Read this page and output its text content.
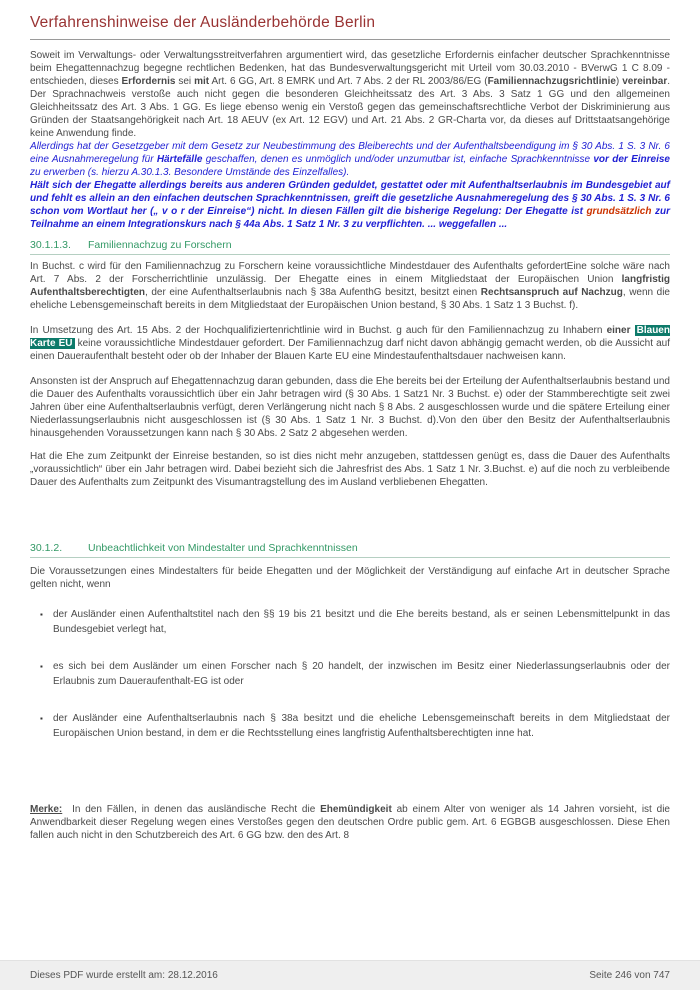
Verfahrenshinweise der Ausländerbehörde Berlin

Soweit im Verwaltungs- oder Verwaltungsstreitverfahren argumentiert wird, das gesetzliche Erfordernis einfacher deutscher Sprachkenntnisse beim Ehegattennachzug begegne rechtlichen Bedenken, hat das Bundesverwaltungsgericht mit Urteil vom 30.03.2010 - BVerwG 1 C 8.09 - entschieden, dieses Erfordernis sei mit Art. 6 GG, Art. 8 EMRK und Art. 7 Abs. 2 der RL 2003/86/EG (Familiennachzugsrichtlinie) vereinbar. Der Sprachnachweis verstoße auch nicht gegen die besonderen Gleichheitssatz des Art. 3 Abs. 3 Satz 1 GG und den allgemeinen Gleichheitssatz des Art. 3 Abs. 1 GG. Es liege ebenso wenig ein Verstoß gegen das gemeinschaftsrechtliche Verbot der Diskriminierung aus Gründen der Staatsangehörigkeit nach Art. 18 AEUV (ex Art. 12 EGV) und Art. 21 Abs. 2 GR-Charta vor, da dieses auf Drittstaatsangehörige keine Anwendung finde.

Allerdings hat der Gesetzgeber mit dem Gesetz zur Neubestimmung des Bleiberechts und der Aufenthaltsbeendigung im § 30 Abs. 1 S. 3 Nr. 6 eine Ausnahmeregelung für Härtefälle geschaffen, denen es unmöglich und/oder unzumutbar ist, einfache Sprachkenntnisse vor der Einreise zu erwerben (s. hierzu A.30.1.3. Besondere Umstände des Einzelfalles).

Hält sich der Ehegatte allerdings bereits aus anderen Gründen geduldet, gestattet oder mit Aufenthaltserlaubnis im Bundesgebiet auf und fehlt es allein an den einfachen deutschen Sprachkenntnissen, greift die gesetzliche Ausnahmeregelung des § 30 Abs. 1 S. 3 Nr. 6 schon vom Wortlaut her („ v o r der Einreise“) nicht. In diesen Fällen gilt die bisherige Regelung: Der Ehegatte ist grundsätzlich zur Teilnahme an einem Integrationskurs nach § 44a Abs. 1 Satz 1 Nr. 3 zu verpflichten. ... weggefallen ...

30.1.1.3. Familiennachzug zu Forschern

In Buchst. c wird für den Familiennachzug zu Forschern keine voraussichtliche Mindestdauer des Aufenthalts gefordertEine solche wäre nach Art. 7 Abs. 2 der Forscherrichtlinie unzulässig. Der Ehegatte eines in einem Mitgliedstaat der Europäischen Union langfristig Aufenthaltsberechtigten, der eine Aufenthaltserlaubnis nach § 38a AufenthG besitzt, besitzt einen Rechtsanspruch auf Nachzug, wenn die eheliche Lebensgemeinschaft bereits in dem Mitgliedstaat der Europäischen Union bestand, § 30 Abs. 1 Satz 1 3 Buchst. f).

In Umsetzung des Art. 15 Abs. 2 der Hochqualifiziertenrichtlinie wird in Buchst. g auch für den Familiennachzug zu Inhabern einer Blauen Karte EU keine voraussichtliche Mindestdauer gefordert. Der Familiennachzug darf nicht davon abhängig gemacht werden, ob die Aussicht auf einen Daueraufenthalt besteht oder ob der Inhaber der Blauen Karte EU eine Mindestaufenthaltsdauer nachweisen kann.

Ansonsten ist der Anspruch auf Ehegattennachzug daran gebunden, dass die Ehe bereits bei der Erteilung der Aufenthaltserlaubnis bestand und die Dauer des Aufenthalts voraussichtlich über ein Jahr betragen wird (§ 30 Abs. 1 Satz1 Nr. 3 Buchst. e) oder der Stammberechtigte seit zwei Jahren über eine Aufenthaltserlaubnis verfügt, deren Verlängerung nicht nach § 8 Abs. 2 ausgeschlossen wurde und die spätere Erteilung einer Niederlassungserlaubnis nicht ausgeschlossen ist (§ 30 Abs. 1 Satz 1 Nr. 3 Buchst. d).Von den über den Besitz der Aufenthaltserlaubnis hinausgehenden Voraussetzungen kann nach § 30 Abs. 2 Satz 2 abgesehen werden.

Hat die Ehe zum Zeitpunkt der Einreise bestanden, so ist dies nicht mehr anzugeben, stattdessen genügt es, dass die Dauer des Aufenthalts „voraussichtlich“ über ein Jahr betragen wird. Dabei bezieht sich die Jahresfrist des Abs. 1 Satz 1 Nr. 3.Buchst. e) auf die noch zu verbleibende Dauer des Aufenthalts zum Zeitpunkt des Visumantragstellung des im Ausland verbliebenen Ehegatten.

30.1.2. Unbeachtlichkeit von Mindestalter und Sprachkenntnissen

Die Voraussetzungen eines Mindestalters für beide Ehegatten und der Möglichkeit der Verständigung auf einfache Art in deutscher Sprache gelten nicht, wenn

▪	der Ausländer einen Aufenthaltstitel nach den §§ 19 bis 21 besitzt und die Ehe bereits bestand, als er seinen Lebensmittelpunkt in das Bundesgebiet verlegt hat,
▪	es sich bei dem Ausländer um einen Forscher nach § 20 handelt, der inzwischen im Besitz einer Niederlassungserlaubnis oder der Erlaubnis zum Daueraufenthalt-EG ist oder
▪	der Ausländer eine Aufenthaltserlaubnis nach § 38a besitzt und die eheliche Lebensgemeinschaft bereits in dem Mitgliedstaat der Europäischen Union bestand, in dem er die Rechtsstellung eines langfristig Aufenthaltsberechtigten inne hat.

Merke: In den Fällen, in denen das ausländische Recht die Ehemündigkeit ab einem Alter von weniger als 14 Jahren vorsieht, ist die Anwendbarkeit dieser Regelung wegen eines Verstoßes gegen den deutschen Ordre public gem. Art. 6 EGBGB ausgeschlossen. Diese Ehen fallen auch nicht in den Schutzbereich des Art. 6 GG bzw. den des Art. 8

Dieses PDF wurde erstellt am: 28.12.2016	Seite 246 von 747
